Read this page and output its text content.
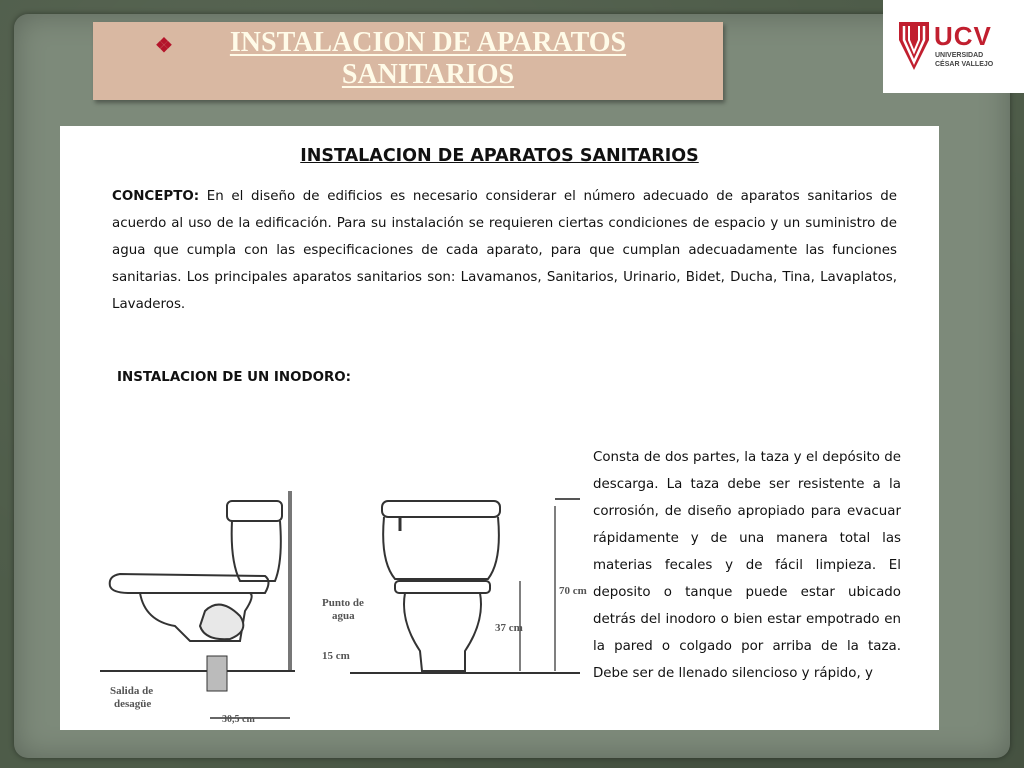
❖	INSTALACION DE APARATOS SANITARIOS
UCV
UNIVERSIDAD
CÉSAR VALLEJO
INSTALACION DE APARATOS SANITARIOS
CONCEPTO: En el diseño de edificios es necesario considerar el número adecuado de aparatos sanitarios de acuerdo al uso de la edificación. Para su instalación se requieren ciertas condiciones de espacio y un suministro de agua que cumpla con las especificaciones de cada aparato, para que cumplan adecuadamente las funciones sanitarias. Los principales aparatos sanitarios son: Lavamanos, Sanitarios, Urinario, Bidet, Ducha, Tina, Lavaplatos, Lavaderos.
INSTALACION DE UN INODORO:
Consta de dos partes, la taza y el depósito de descarga. La taza debe ser resistente a la corrosión, de diseño apropiado para evacuar rápidamente y de una manera total las materias fecales y de fácil limpieza. El deposito o tanque puede estar ubicado detrás del inodoro o bien estar empotrado en la pared o colgado por arriba de la taza. Debe ser de llenado silencioso y rápido, y
Punto de
agua
15 cm
Salida de
desagüe
30,5 cm
70 cm
37 cm
